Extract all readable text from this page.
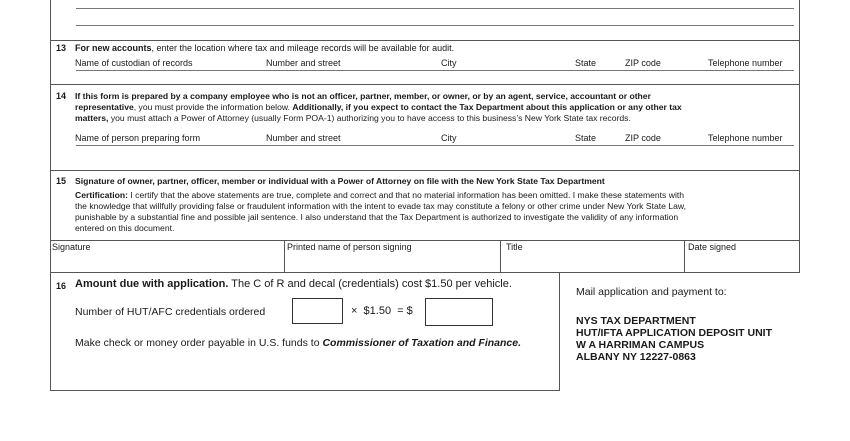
13 For new accounts, enter the location where tax and mileage records will be available for audit.
Name of custodian of records	Number and street	City	State	ZIP code	Telephone number
14 If this form is prepared by a company employee who is not an officer, partner, member, or owner, or by an agent, service, accountant or other
representative, you must provide the information below. Additionally, if you expect to contact the Tax Department about this application or any other tax
matters, you must attach a Power of Attorney (usually Form POA-1) authorizing you to have access to this business’s New York State tax records.
Name of person preparing form	Number and street	City	State	ZIP code	Telephone number
15 Signature of owner, partner, officer, member or individual with a Power of Attorney on file with the New York State Tax Department
Certification: I certify that the above statements are true, complete and correct and that no material information has been omitted. I make these statements with
the knowledge that willfully providing false or fraudulent information with the intent to evade tax may constitute a felony or other crime under New York State Law,
punishable by a substantial fine and possible jail sentence. I also understand that the Tax Department is authorized to investigate the validity of any information
entered on this document.
Signature	Printed name of person signing	Title	Date signed
16 Amount due with application. The C of R and decal (credentials) cost $1.50 per vehicle.
Number of HUT/AFC credentials ordered	×  $1.50  = $
Make check or money order payable in U.S. funds to Commissioner of Taxation and Finance.
Mail application and payment to:
NYS TAX DEPARTMENT
HUT/IFTA APPLICATION DEPOSIT UNIT
W A HARRIMAN CAMPUS
ALBANY NY 12227-0863
